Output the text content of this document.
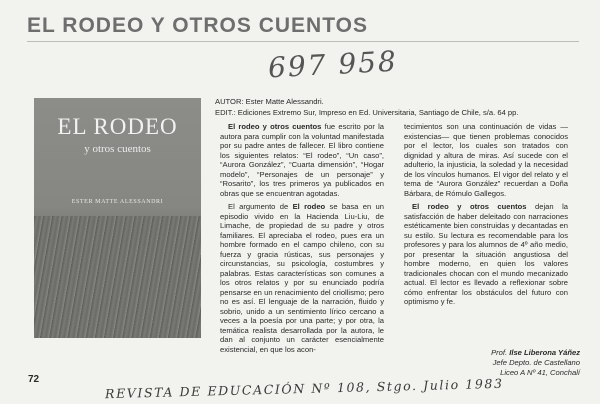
EL RODEO Y OTROS CUENTOS
697 958
EL RODEO
y otros cuentos
ESTER MATTE ALESSANDRI
AUTOR: Ester Matte Alessandri.
EDIT.: Ediciones Extremo Sur, Impreso en Ed. Universitaria, Santiago de Chile, s/a. 64 pp.

El rodeo y otros cuentos fue escrito por la autora para cumplir con la voluntad manifestada por su padre antes de fallecer. El libro contiene los siguientes relatos: “El rodeo”, “Un caso”, “Aurora González”, “Cuarta dimensión”, “Hogar modelo”, “Personajes de un personaje” y “Rosarito”, los tres primeros ya publicados en obras que se encuentran agotadas.

El argumento de El rodeo se basa en un episodio vivido en la Hacienda Liu-Liu, de Limache, de propiedad de su padre y otros familiares. El apreciaba el rodeo, pues era un hombre formado en el campo chileno, con su fuerza y gracia rústicas, sus personajes y circunstancias, su psicología, costumbres y palabras. Estas características son comunes a los otros relatos y por su enunciado podría pensarse en un renacimiento del criollismo; pero no es así. El lenguaje de la narración, fluido y sobrio, unido a un sentimiento lírico cercano a veces a la poesía por una parte; y por otra, la temática realista desarrollada por la autora, le dan al conjunto un carácter esencialmente existencial, en que los acon-

tecimientos son una continuación de vidas —existencias— que tienen problemas conocidos por el lector, los cuales son tratados con dignidad y altura de miras. Así sucede con el adulterio, la injusticia, la soledad y la necesidad de los vínculos humanos. El vigor del relato y el tema de “Aurora González” recuerdan a Doña Bárbara, de Rómulo Gallegos.

El rodeo y otros cuentos dejan la satisfacción de haber deleitado con narraciones estéticamente bien construidas y decantadas en su estilo. Su lectura es recomendable para los profesores y para los alumnos de 4º año medio, por presentar la situación angustiosa del hombre moderno, en quien los valores tradicionales chocan con el mundo mecanizado actual. El lector es llevado a reflexionar sobre cómo enfrentar los obstáculos del futuro con optimismo y fe.

Prof. Ilse Liberona Yáñez
Jefe Depto. de Castellano
Liceo A Nº 41, Conchalí
72	REVISTA DE EDUCACIÓN Nº 108, Stgo. Julio 1983
